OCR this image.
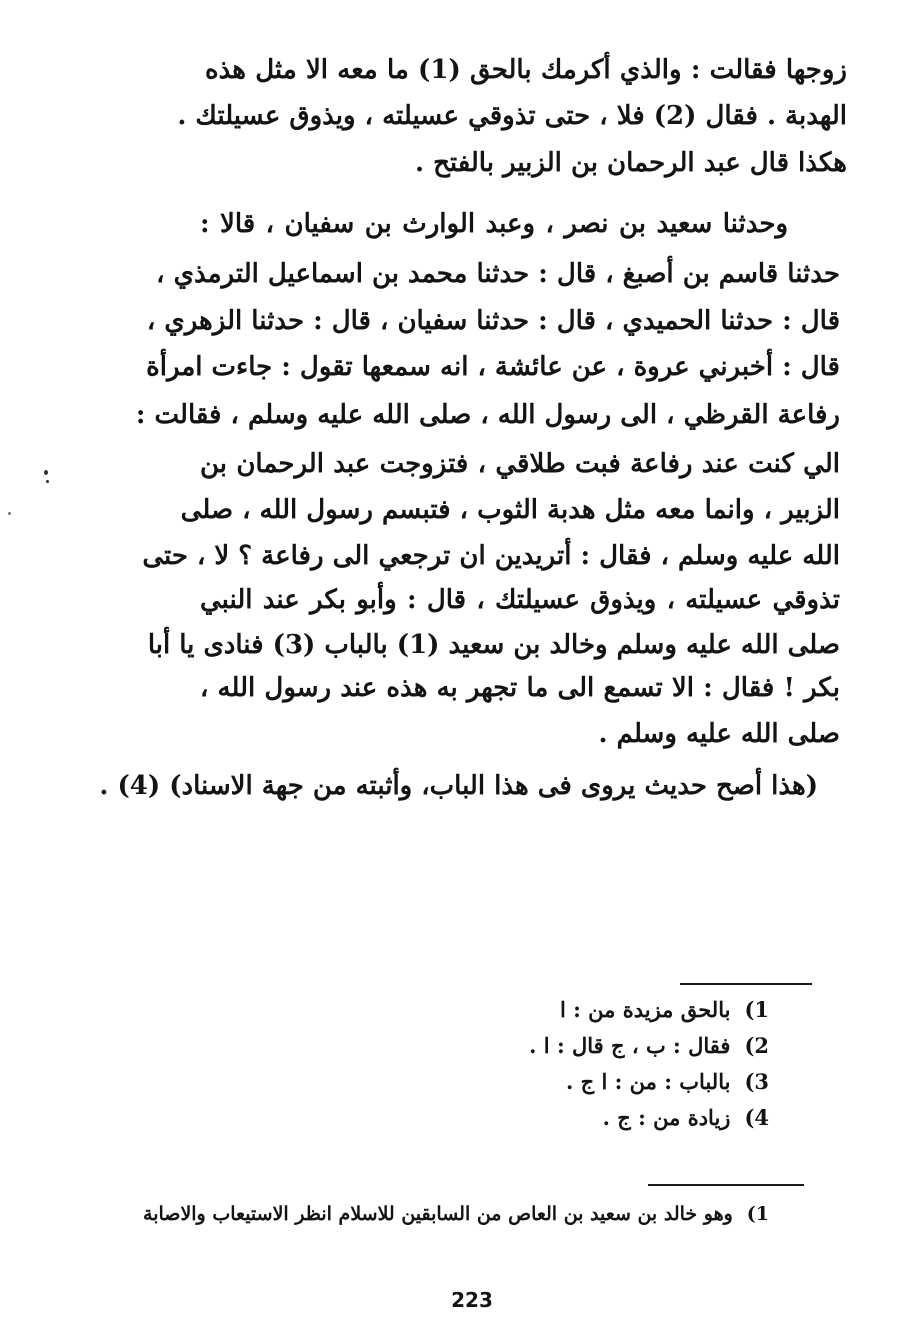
زوجها فقالت : والذي أكرمك بالحق (1) ما معه الا مثل هذه
الهدبة . فقال (2) فلا ، حتى تذوقي عسيلته ، ويذوق عسيلتك .
هكذا قال عبد الرحمان بن الزبير بالفتح .
وحدثنا سعيد بن نصر ، وعبد الوارث بن سفيان ، قالا :
حدثنا قاسم بن أصبغ ، قال : حدثنا محمد بن اسماعيل الترمذي ،
قال : حدثنا الحميدي ، قال : حدثنا سفيان ، قال : حدثنا الزهري ،
قال : أخبرني عروة ، عن عائشة ، انه سمعها تقول : جاءت امرأة
رفاعة القرظي ، الى رسول الله ، صلى الله عليه وسلم ، فقالت :
الي كنت عند رفاعة فبت طلاقي ، فتزوجت عبد الرحمان بن
الزبير ، وانما معه مثل هدبة الثوب ، فتبسم رسول الله ، صلى
الله عليه وسلم ، فقال : أتريدين ان ترجعي الى رفاعة ؟ لا ، حتى
تذوقي عسيلته ، ويذوق عسيلتك ، قال : وأبو بكر عند النبي
صلى الله عليه وسلم وخالد بن سعيد (1) بالباب (3) فنادى يا أبا
بكر ! فقال : الا تسمع الى ما تجهر به هذه عند رسول الله ،
صلى الله عليه وسلم .
(هذا أصح حديث يروى فى هذا الباب، وأثبته من جهة الاسناد) (4) .
1)بالحق مزيدة من : ا
2)فقال : ب ، ج قال : ا .
3)بالباب : من : ا ج .
4)زيادة من : ج .
1)وهو خالد بن سعيد بن العاص من السابقين للاسلام انظر الاستيعاب والاصابة
223
